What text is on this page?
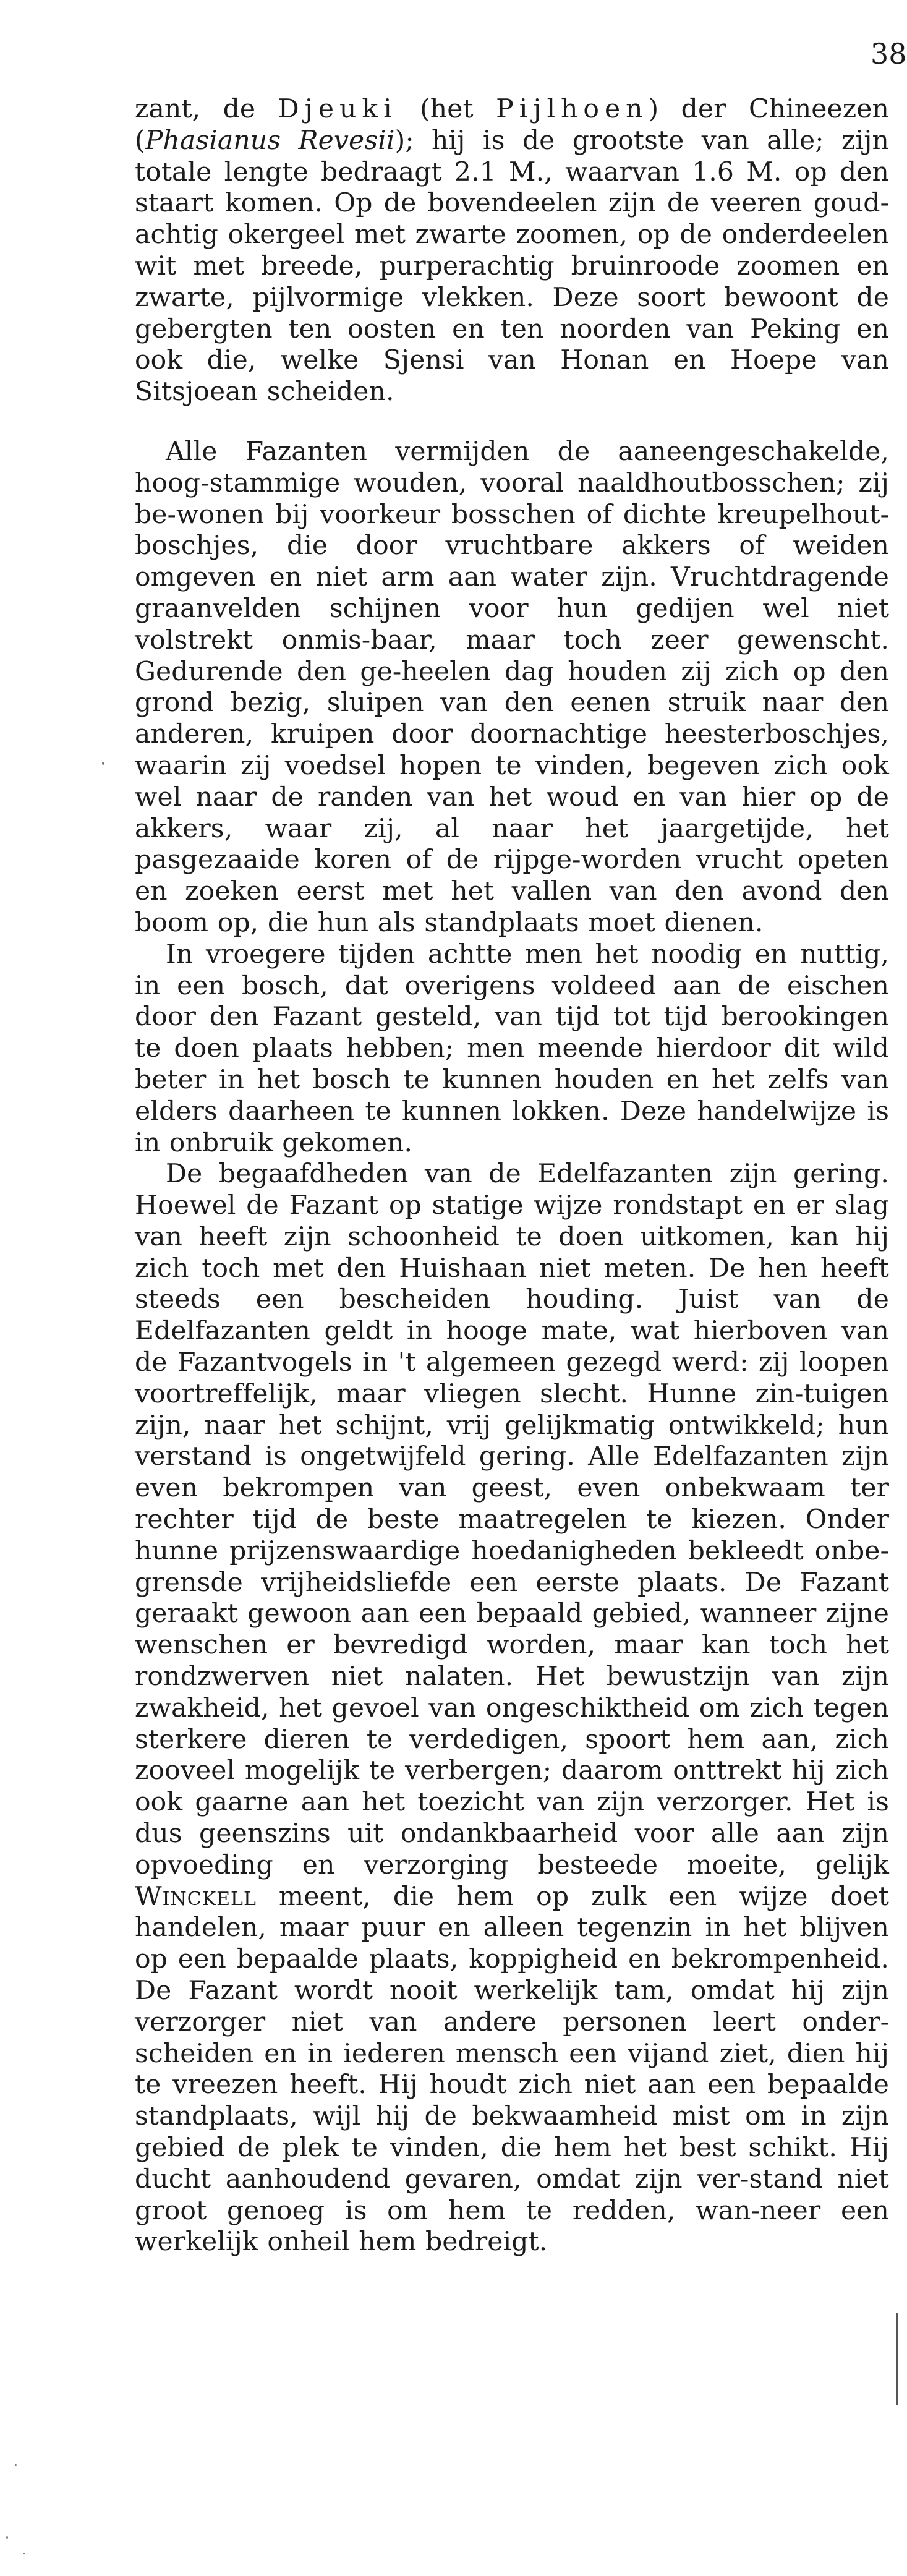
38

zant, de Djeuki (het Pijlhoen) der Chineezen (Phasianus Revesii); hij is de grootste van alle; zijn totale lengte bedraagt 2.1 M., waarvan 1.6 M. op den staart komen. Op de bovendeelen zijn de veeren goud-achtig okergeel met zwarte zoomen, op de onderdeelen wit met breede, purperachtig bruinroode zoomen en zwarte, pijlvormige vlekken. Deze soort bewoont de gebergten ten oosten en ten noorden van Peking en ook die, welke Sjensi van Honan en Hoepe van Sitsjoean scheiden.

Alle Fazanten vermijden de aaneengeschakelde, hoog-stammige wouden, vooral naaldhoutbosschen; zij be-wonen bij voorkeur bosschen of dichte kreupelhout-boschjes, die door vruchtbare akkers of weiden omgeven en niet arm aan water zijn. Vruchtdragende graanvelden schijnen voor hun gedijen wel niet volstrekt onmis-baar, maar toch zeer gewenscht. Gedurende den ge-heelen dag houden zij zich op den grond bezig, sluipen van den eenen struik naar den anderen, kruipen door doornachtige heesterboschjes, waarin zij voedsel hopen te vinden, begeven zich ook wel naar de randen van het woud en van hier op de akkers, waar zij, al naar het jaargetijde, het pasgezaaide koren of de rijpge-worden vrucht opeten en zoeken eerst met het vallen van den avond den boom op, die hun als standplaats moet dienen.

In vroegere tijden achtte men het noodig en nuttig, in een bosch, dat overigens voldeed aan de eischen door den Fazant gesteld, van tijd tot tijd berookingen te doen plaats hebben; men meende hierdoor dit wild beter in het bosch te kunnen houden en het zelfs van elders daarheen te kunnen lokken. Deze handelwijze is in onbruik gekomen.

De begaafdheden van de Edelfazanten zijn gering. Hoewel de Fazant op statige wijze rondstapt en er slag van heeft zijn schoonheid te doen uitkomen, kan hij zich toch met den Huishaan niet meten. De hen heeft steeds een bescheiden houding. Juist van de Edelfazanten geldt in hooge mate, wat hierboven van de Fazantvogels in 't algemeen gezegd werd: zij loopen voortreffelijk, maar vliegen slecht. Hunne zin-tuigen zijn, naar het schijnt, vrij gelijkmatig ontwikkeld; hun verstand is ongetwijfeld gering. Alle Edelfazanten zijn even bekrompen van geest, even onbekwaam ter rechter tijd de beste maatregelen te kiezen. Onder hunne prijzenswaardige hoedanigheden bekleedt onbe-grensde vrijheidsliefde een eerste plaats. De Fazant geraakt gewoon aan een bepaald gebied, wanneer zijne wenschen er bevredigd worden, maar kan toch het rondzwerven niet nalaten. Het bewustzijn van zijn zwakheid, het gevoel van ongeschiktheid om zich tegen sterkere dieren te verdedigen, spoort hem aan, zich zooveel mogelijk te verbergen; daarom onttrekt hij zich ook gaarne aan het toezicht van zijn verzorger. Het is dus geenszins uit ondankbaarheid voor alle aan zijn opvoeding en verzorging besteede moeite, gelijk Winckell meent, die hem op zulk een wijze doet handelen, maar puur en alleen tegenzin in het blijven op een bepaalde plaats, koppigheid en bekrompenheid. De Fazant wordt nooit werkelijk tam, omdat hij zijn verzorger niet van andere personen leert onder-scheiden en in iederen mensch een vijand ziet, dien hij te vreezen heeft. Hij houdt zich niet aan een bepaalde standplaats, wijl hij de bekwaamheid mist om in zijn gebied de plek te vinden, die hem het best schikt. Hij ducht aanhoudend gevaren, omdat zijn ver-stand niet groot genoeg is om hem te redden, wan-neer een werkelijk onheil hem bedreigt.
